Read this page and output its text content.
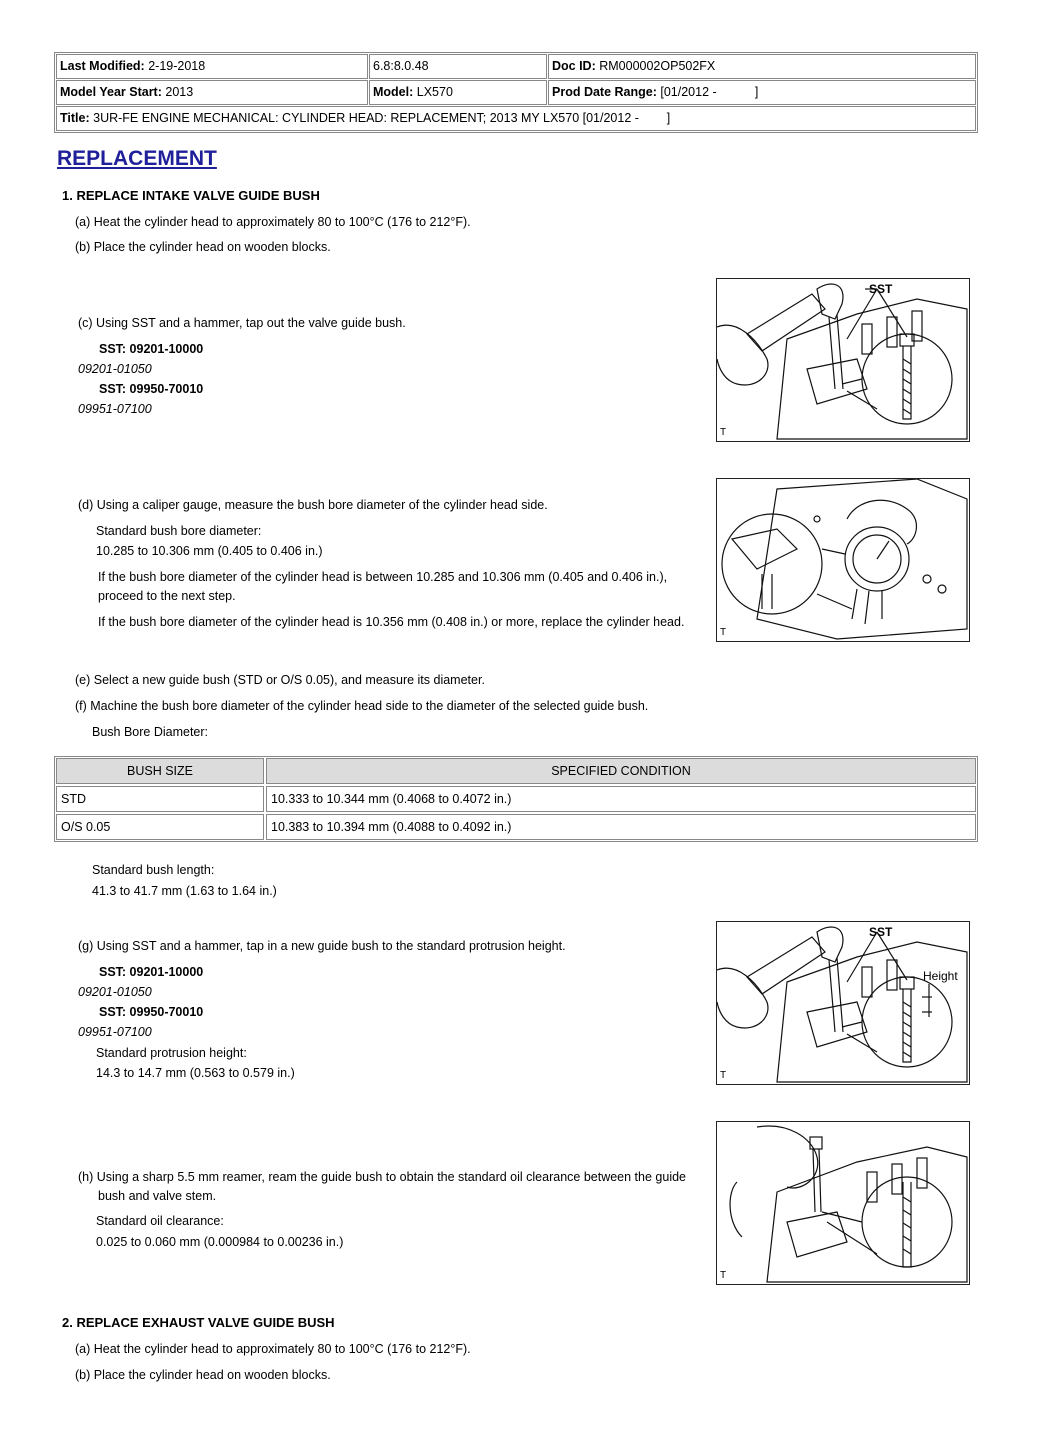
Last Modified: 2-19-2018	6.8:8.0.48	Doc ID: RM000002OP502FX
Model Year Start: 2013	Model: LX570	Prod Date Range: [01/2012 -           ]
Title: 3UR-FE ENGINE MECHANICAL: CYLINDER HEAD: REPLACEMENT; 2013 MY LX570 [01/2012 -        ]
REPLACEMENT

1. REPLACE INTAKE VALVE GUIDE BUSH

(a) Heat the cylinder head to approximately 80 to 100°C (176 to 212°F).

(b) Place the cylinder head on wooden blocks.

(c) Using SST and a hammer, tap out the valve guide bush.

SST: 09201-10000

09201-01050

SST: 09950-70010

09951-07100

SST
T

(d) Using a caliper gauge, measure the bush bore diameter of the cylinder head side.

Standard bush bore diameter:

10.285 to 10.306 mm (0.405 to 0.406 in.)

If the bush bore diameter of the cylinder head is between 10.285 and 10.306 mm (0.405 and 0.406 in.),

proceed to the next step.

If the bush bore diameter of the cylinder head is 10.356 mm (0.408 in.) or more, replace the cylinder head.

T

(e) Select a new guide bush (STD or O/S 0.05), and measure its diameter.

(f) Machine the bush bore diameter of the cylinder head side to the diameter of the selected guide bush.

Bush Bore Diameter:

BUSH SIZE	SPECIFIED CONDITION
STD	10.333 to 10.344 mm (0.4068 to 0.4072 in.)
O/S 0.05	10.383 to 10.394 mm (0.4088 to 0.4092 in.)

Standard bush length:

41.3 to 41.7 mm (1.63 to 1.64 in.)

(g) Using SST and a hammer, tap in a new guide bush to the standard protrusion height.

SST: 09201-10000

09201-01050

SST: 09950-70010

09951-07100

Standard protrusion height:

14.3 to 14.7 mm (0.563 to 0.579 in.)

SST
Height
T

(h) Using a sharp 5.5 mm reamer, ream the guide bush to obtain the standard oil clearance between the guide

bush and valve stem.

Standard oil clearance:

0.025 to 0.060 mm (0.000984 to 0.00236 in.)

T

2. REPLACE EXHAUST VALVE GUIDE BUSH

(a) Heat the cylinder head to approximately 80 to 100°C (176 to 212°F).

(b) Place the cylinder head on wooden blocks.
